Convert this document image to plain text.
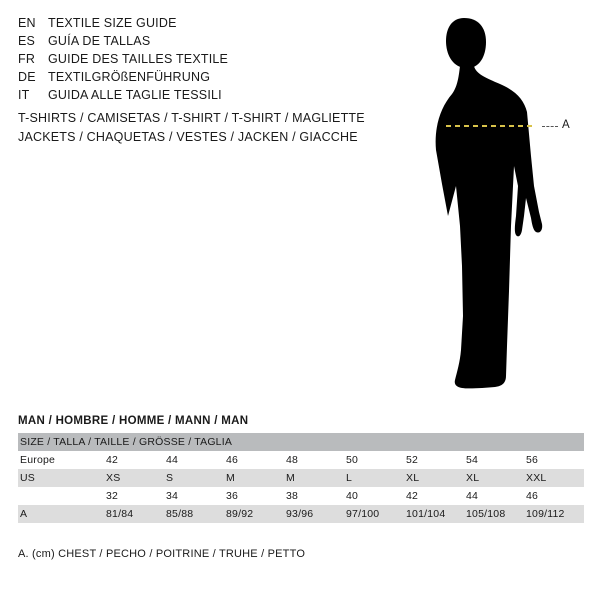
EN TEXTILE SIZE GUIDE
ES	GUÍA DE TALLAS
FR	GUIDE DES TAILLES TEXTILE
DE TEXTILGRÖßENFÜHRUNG
IT	GUIDA ALLE TAGLIE TESSILI
T-SHIRTS / CAMISETAS / T-SHIRT / T-SHIRT / MAGLIETTE
JACKETS / CHAQUETAS / VESTES / JACKEN / GIACCHE
A
MAN / HOMBRE / HOMME / MANN / MAN
SIZE / TALLA / TAILLE / GRÖSSE / TAGLIA								
Europe	42	44	46	48	50	52	54	56
US	XS	S	M	M	L	XL	XL	XXL
	32	34	36	38	40	42	44	46
A	81/84	85/88	89/92	93/96	97/100	101/104	105/108	109/112
A. (cm) CHEST / PECHO / POITRINE / TRUHE / PETTO
